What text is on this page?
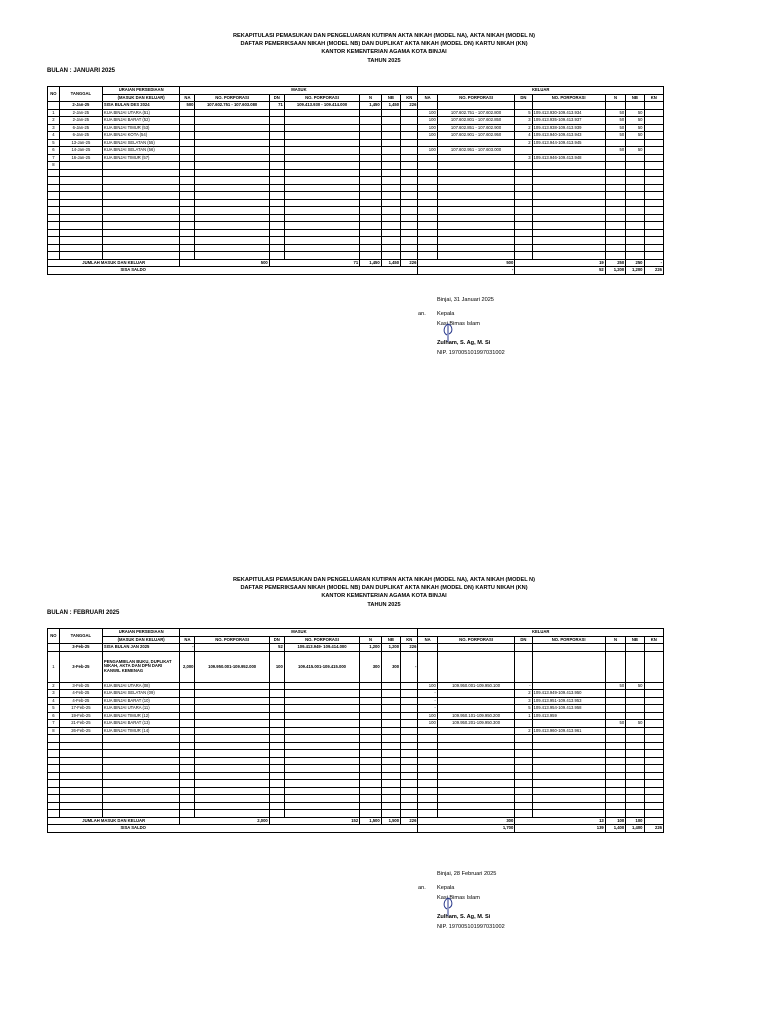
REKAPITULASI PEMASUKAN DAN PENGELUARAN KUTIPAN AKTA NIKAH (MODEL NA), AKTA NIKAH (MODEL N)
DAFTAR PEMERIKSAAN NIKAH (MODEL NB) DAN DUPLIKAT AKTA NIKAH (MODEL DN) KARTU NIKAH (KN)
KANTOR KEMENTERIAN AGAMA KOTA BINJAI
TAHUN 2025
BULAN : JANUARI 2025
NO	TANGGAL	URAIAN PERSEDIAAN	MASUK							KELUAR						
		(MASUK DAN KELUAR)	NA	NO. PORPORASI	DN	NO. PORPORASI	N	NB	KN	NA	NO. PORPORASI	DN	NO. PORPORASI	N	NB	KN
	2-Jan-25	SISA BULAN DES 2024	500	107.602.751 - 107.603.080	71	109.413.930 - 109.414.000	1,450	1,450	226							
1	2-Jan-25	KUA BINJAI UTARA (51)								100	107.602.751 - 107.602.800	5	109.413.930-109.413.934	50	50	
2	2-Jan-25	KUA BINJAI BARAT (52)								100	107.602.801 - 107.602.850	3	109.413.935-109.413.937	50	50	
3	6-Jan-25	KUA BINJAI TIMUR (53)								100	107.602.851 - 107.602.900	2	109.413.938-109.413.939	50	50	
4	6-Jan-25	KUA BINJAI KOTA (54)								100	107.602.901 - 107.602.950	4	109.413.940-109.413.943	50	50	
5	13-Jan-25	KUA BINJAI SELATAN (55)										2	109.413.944-109.413.945			
6	14-Jan-25	KUA BINJAI SELATAN (56)								100	107.602.951 - 107.603.000			50	50	
7	16-Jan-25	KUA BINJAI TIMUR (57)										3	109.413.946-109.413.948			
8																

JUMLAH MASUK DAN KELUAR			500		71		1,450	1,450	226	500		19		250	250	-
SISA SALDO										-		52		1,200	1,200	226
Binjai, 31 Januari 2025
an. Kepala
Kasi Bimas Islam
Zulham, S. Ag, M. Si
NIP. 197005101997031002
REKAPITULASI PEMASUKAN DAN PENGELUARAN KUTIPAN AKTA NIKAH (MODEL NA), AKTA NIKAH (MODEL N)
DAFTAR PEMERIKSAAN NIKAH (MODEL NB) DAN DUPLIKAT AKTA NIKAH (MODEL DN) KARTU NIKAH (KN)
KANTOR KEMENTERIAN AGAMA KOTA BINJAI
TAHUN 2025
BULAN : FEBRUARI 2025
NO	TANGGAL	URAIAN PERSEDIAAN	MASUK							KELUAR						
		(MASUK DAN KELUAR)	NA	NO. PORPORASI	DN	NO. PORPORASI	N	NB	KN	NA	NO. PORPORASI	DN	NO. PORPORASI	N	NB	KN
	3-Feb-25	SISA BULAN JAN 2025	-		52	109.413.949- 109.414.000	1,200	1,200	226							
1	3-Feb-25	PENGAMBILAN BUKU, DUPLIKAT NIKAH, AKTA DAN DPN DARI KANWIL KEMENAG	2,000	109.950.001-109.952.000	100	109.415.001-109.415.000	300	300	-							
2	3-Feb-25	KUA BINJAI UTARA (08)								100	109.950.001-109.950.100	-		50	50	
3	4-Feb-25	KUA BINJAI SELATAN (09)								-		2	109.413.949-109.413.950			
4	4-Feb-25	KUA BINJAI BARAT (10)								-		3	109.413.951-109.413.953			
5	17-Feb-25	KUA BINJAI UTARA (11)								-		5	109.413.954-109.413.958			
6	19-Feb-25	KUA BINJAI TIMUR (12)								100	109.950.101-109.950.200	1	109.413.959			
7	21-Feb-25	KUA BINJAI BARAT (13)								100	109.950.201-109.950.300			50	50	
8	26-Feb-25	KUA BINJAI TIMUR (14)										2	109.413.960-109.413.961			

JUMLAH MASUK DAN KELUAR			2,000		152		1,500	1,500	226	300		13		100	100	
SISA SALDO										1,700		139		1,400	1,400	226
Binjai, 28 Februari 2025
an. Kepala
Kasi Bimas Islam
Zulham, S. Ag, M. Si
NIP. 197005101997031002
